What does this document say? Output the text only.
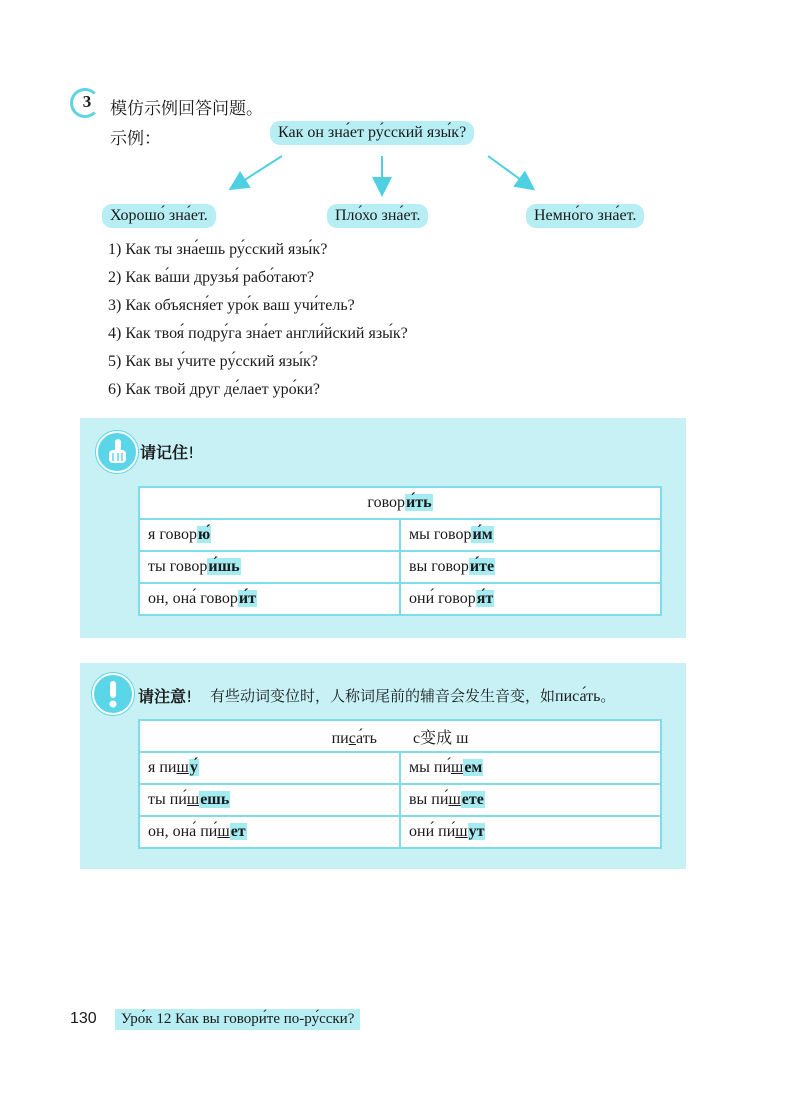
3	模仿示例回答问题。
示例：	Как он зна́ет ру́сский язы́к?
Хорошо́ зна́ет.	Пло́хо зна́ет.	Немно́го зна́ет.
1) Как ты зна́ешь ру́сский язы́к?
2) Как ва́ши друзья́ рабо́тают?
3) Как объясня́ет уро́к ваш учи́тель?
4) Как твоя́ подру́га зна́ет англи́йский язы́к?
5) Как вы у́чите ру́сский язы́к?
6) Как твой друг де́лает уро́ки?
请记住!
говори́ть	
я говорю́	мы говори́м
ты говори́шь	вы говори́те
он, она́ говори́т	они́ говоря́т
请注意! 有些动词变位时，人称词尾前的辅音会发生音变，如писа́ть。
писа́ть с变成 ш	
я пишу́	мы пи́шем
ты пи́шешь	вы пи́шете
он, она́ пи́шет	они́ пи́шут
130	Уро́к 12 Как вы говори́те по-ру́сски?
